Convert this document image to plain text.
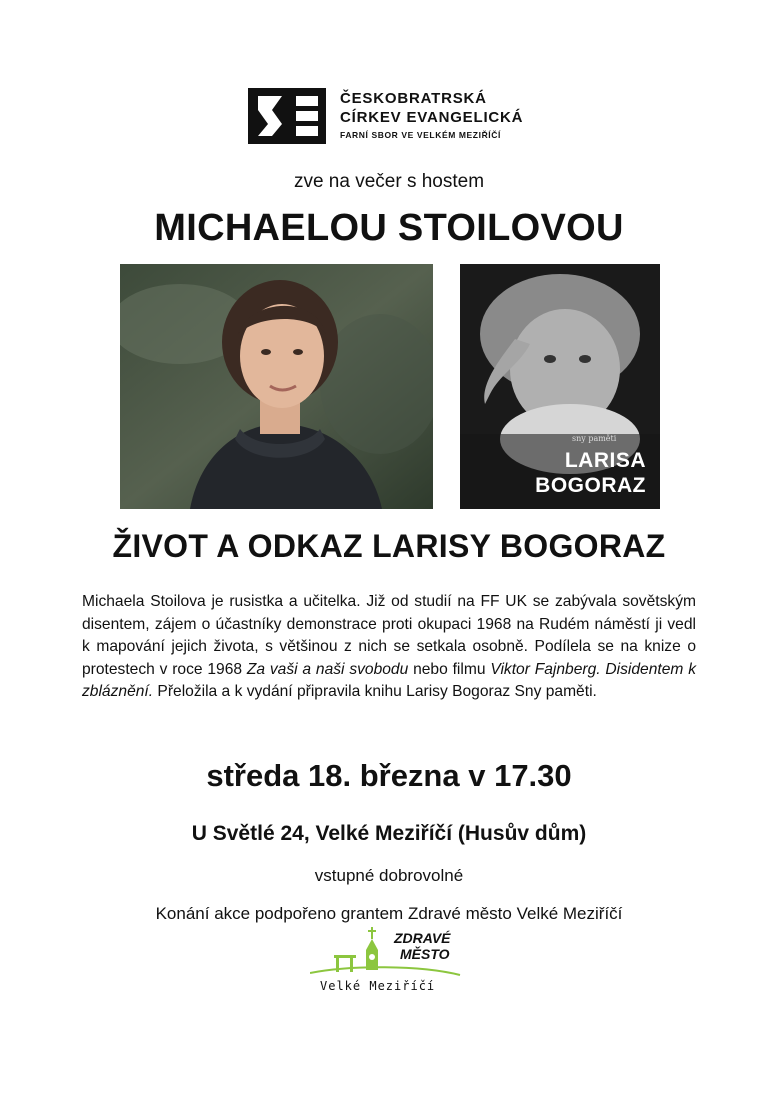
ČESKOBRATRSKÁ
CÍRKEV EVANGELICKÁ
FARNÍ SBOR VE VELKÉM MEZIŘÍČÍ
zve na večer s hostem
MICHAELOU STOILOVOU
sny paměti
LARISA
BOGORAZ
ŽIVOT A ODKAZ LARISY BOGORAZ
Michaela Stoilova je rusistka a učitelka. Již od studií na FF UK se zabývala sovětským disentem, zájem o účastníky demonstrace proti okupaci 1968 na Rudém náměstí ji vedl k mapování jejich života, s většinou z nich se setkala osobně. Podílela se na knize o protestech v roce 1968 Za vaši a naši svobodu nebo filmu Viktor Fajnberg. Disidentem k zbláznění. Přeložila a k vydání připravila knihu Larisy Bogoraz Sny paměti.
středa 18. března v 17.30
U Světlé 24, Velké Meziříčí (Husův dům)
vstupné dobrovolné
Konání akce podpořeno grantem Zdravé město Velké Meziříčí
ZDRAVÉ
MĚSTO
Velké Meziříčí
